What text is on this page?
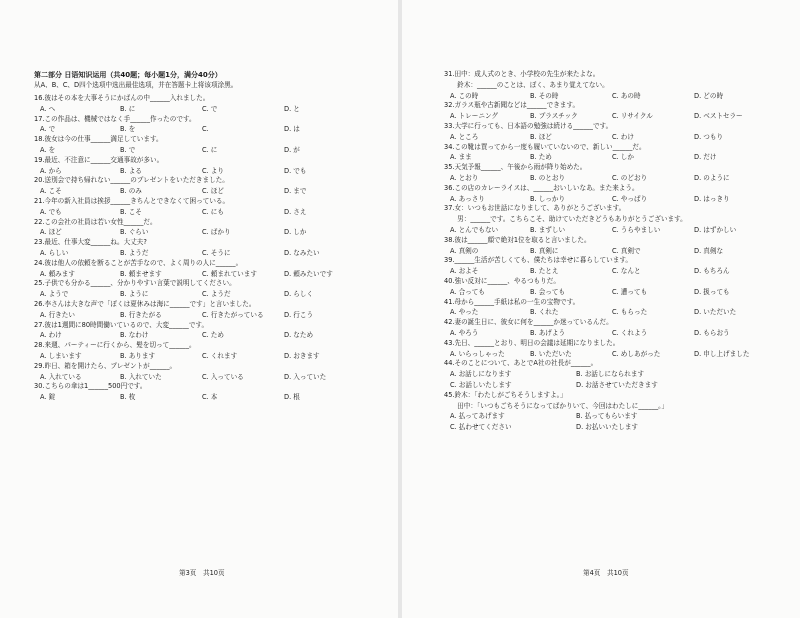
第二部分 日语知识运用（共40题；每小题1分，满分40分）
从A、B、C、D四个选项中选出最佳选项，并在答题卡上将该项涂黑。
16.彼はその本を大事そうにかばんの中______入れました。
A. へ	B. に	C. で	D. と
17.この作品は、機械ではなく手______作ったのです。
A. で	B. を	C.	D. は
18.彼女は今の仕事______満足しています。
A. を	B. で	C. に	D. が
19.最近、不注意に______交通事故が多い。
A. から	B. よる	C. より	D. でも
20.送別会で持ち帰れない______のプレゼントをいただきました。
A. こそ	B. のみ	C. ほど	D. まで
21.今年の新入社員は挨拶______きちんとできなくて困っている。
A. でも	B. こそ	C. にも	D. さえ
22.この会社の社員は若い女性______だ。
A. ほど	B. ぐらい	C. ばかり	D. しか
23.最近、仕事大変______ね。大丈夫?
A. らしい	B. ようだ	C. そうに	D. なみたい
24.彼は他人の依頼を断ることが苦手なので、よく周りの人に______。
A. 頼みます	B. 頼ませます	C. 頼まれています	D. 頼みたいです
25.子供でも分かる______、分かりやすい言葉で説明してください。
A. ようで	B. ように	C. ようだ	D. らしく
26.李さんは大きな声で「ぼくは夏休みは海に______です」と言いました。
A. 行きたい	B. 行きたがる	C. 行きたがっている	D. 行こう
27.彼は1週間に80時間働いているので、大変______です。
A. わけ	B. なわけ	C. ため	D. なため
28.来週、パーティーに行くから、髪を切って______。
A. しまいます	B. あります	C. くれます	D. おきます
29.昨日、箱を開けたら、プレゼントが______。
A. 入れている	B. 入れていた	C. 入っている	D. 入っていた
30.こちらの傘は1______500円です。
A. 錠	B. 枚	C. 本	D. 根
31.田中：成人式のとき、小学校の先生が来たよな。
　　鈴木：______のことは、ぼく、あまり覚えてない。
A. この時	B. その時	C. あの時	D. どの時
32.ガラス瓶や古新聞などは______できます。
A. トレーニング	B. プラスチック	C. リサイクル	D. ベストセラー
33.大学に行っても、日本語の勉強は続ける______です。
A. ところ	B. ほど	C. わけ	D. つもり
34.この靴は買ってから一度も履いていないので、新しい______だ。
A. まま	B. ため	C. しか	D. だけ
35.天気予報______、午後から雨が降り始めた。
A. とおり	B. のとおり	C. のどおり	D. のように
36.この店のカレーライスは、______おいしいなあ。また来よう。
A. あっさり	B. しっかり	C. やっぱり	D. はっきり
37.女：いつもお世話になりまして、ありがとうございます。
　　男：______です。こちらこそ、助けていただきどうもありがとうございます。
A. とんでもない	B. まずしい	C. うらやましい	D. はずかしい
38.彼は______顔で絶対1位を取ると言いました。
A. 真剣の	B. 真剣に	C. 真剣で	D. 真剣な
39.______生活が苦しくても、僕たちは幸せに暮らしています。
A. およそ	B. たとえ	C. なんと	D. もちろん
40.強い反対に______、やるつもりだ。
A. 合っても	B. 会っても	C. 遭っても	D. 扱っても
41.母から______手紙は私の一生の宝物です。
A. やった	B. くれた	C. もらった	D. いただいた
42.妻の誕生日に、彼女に何を______か迷っているんだ。
A. やろう	B. あげよう	C. くれよう	D. もらおう
43.先日、______とおり、明日の会議は延期になりました。
A. いらっしゃった	B. いただいた	C. めしあがった	D. 申し上げました
44.そのことについて、あとでA社の社長が______。
A. お話しになります	B. お話しになられます
C. お話しいたします	D. お話させていただきます
45.鈴木：「わたしがごちそうしますよ。」
　　田中：「いつもごちそうになってばかりいて、今回はわたしに______。」
A. 払ってあげます	B. 払ってもらいます
C. 払わせてください	D. お払いいたします
第3页　共10页	第4页　共10页
